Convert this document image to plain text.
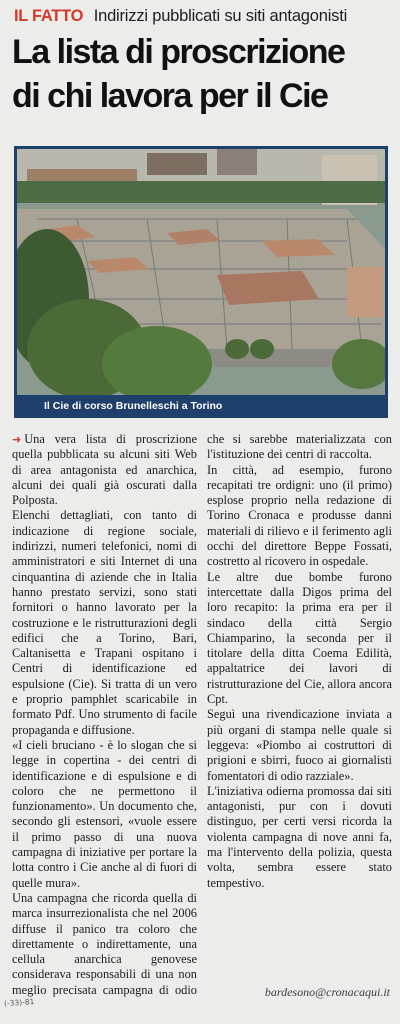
IL FATTO Indirizzi pubblicati su siti antagonisti
La lista di proscrizione
di chi lavora per il Cie
Il Cie di corso Brunelleschi a Torino

➜ Una vera lista di proscrizione quella pubblicata su alcuni siti Web di area antagonista ed anarchica, alcuni dei quali già oscurati dalla Polposta.

Elenchi dettagliati, con tanto di indicazione di regione sociale, indirizzi, numeri telefonici, nomi di amministratori e siti Internet di una cinquantina di aziende che in Italia hanno prestato servizi, sono stati fornitori o hanno lavorato per la costruzione e le ristrutturazioni degli edifici che a Torino, Bari, Caltanisetta e Trapani ospitano i Centri di identificazione ed espulsione (Cie). Si tratta di un vero e proprio pamphlet scaricabile in formato Pdf. Uno strumento di facile propaganda e diffusione.

«I cieli bruciano - è lo slogan che si legge in copertina - dei centri di identificazione e di espulsione e di coloro che ne permettono il funzionamento». Un documento che, secondo gli estensori, «vuole essere il primo passo di una nuova campagna di iniziative per portare la lotta contro i Cie anche al di fuori di quelle mura».

Una campagna che ricorda quella di marca insurrezionalista che nel 2006 diffuse il panico tra coloro che direttamente o indirettamente, una cellula anarchica genovese considerava responsabili di una non meglio precisata campagna di odio che si sarebbe materializzata con l'istituzione dei centri di raccolta.

In città, ad esempio, furono recapitati tre ordigni: uno (il primo) esplose proprio nella redazione di Torino Cronaca e produsse danni materiali di rilievo e il ferimento agli occhi del direttore Beppe Fossati, costretto al ricovero in ospedale.

Le altre due bombe furono intercettate dalla Digos prima del loro recapito: la prima era per il sindaco della città Sergio Chiamparino, la seconda per il titolare della ditta Coema Edilità, appaltatrice dei lavori di ristrutturazione del Cie, allora ancora Cpt.

Seguì una rivendicazione inviata a più organi di stampa nelle quale si leggeva: «Piombo ai costruttori di prigioni e sbirri, fuoco ai giornalisti fomentatori di odio razziale».

L'iniziativa odierna promossa dai siti antagonisti, pur con i dovuti distinguo, per certi versi ricorda la violenta campagna di nove anni fa, ma l'intervento della polizia, questa volta, sembra essere stato tempestivo.

bardesono@cronacaqui.it
(-33)-81
